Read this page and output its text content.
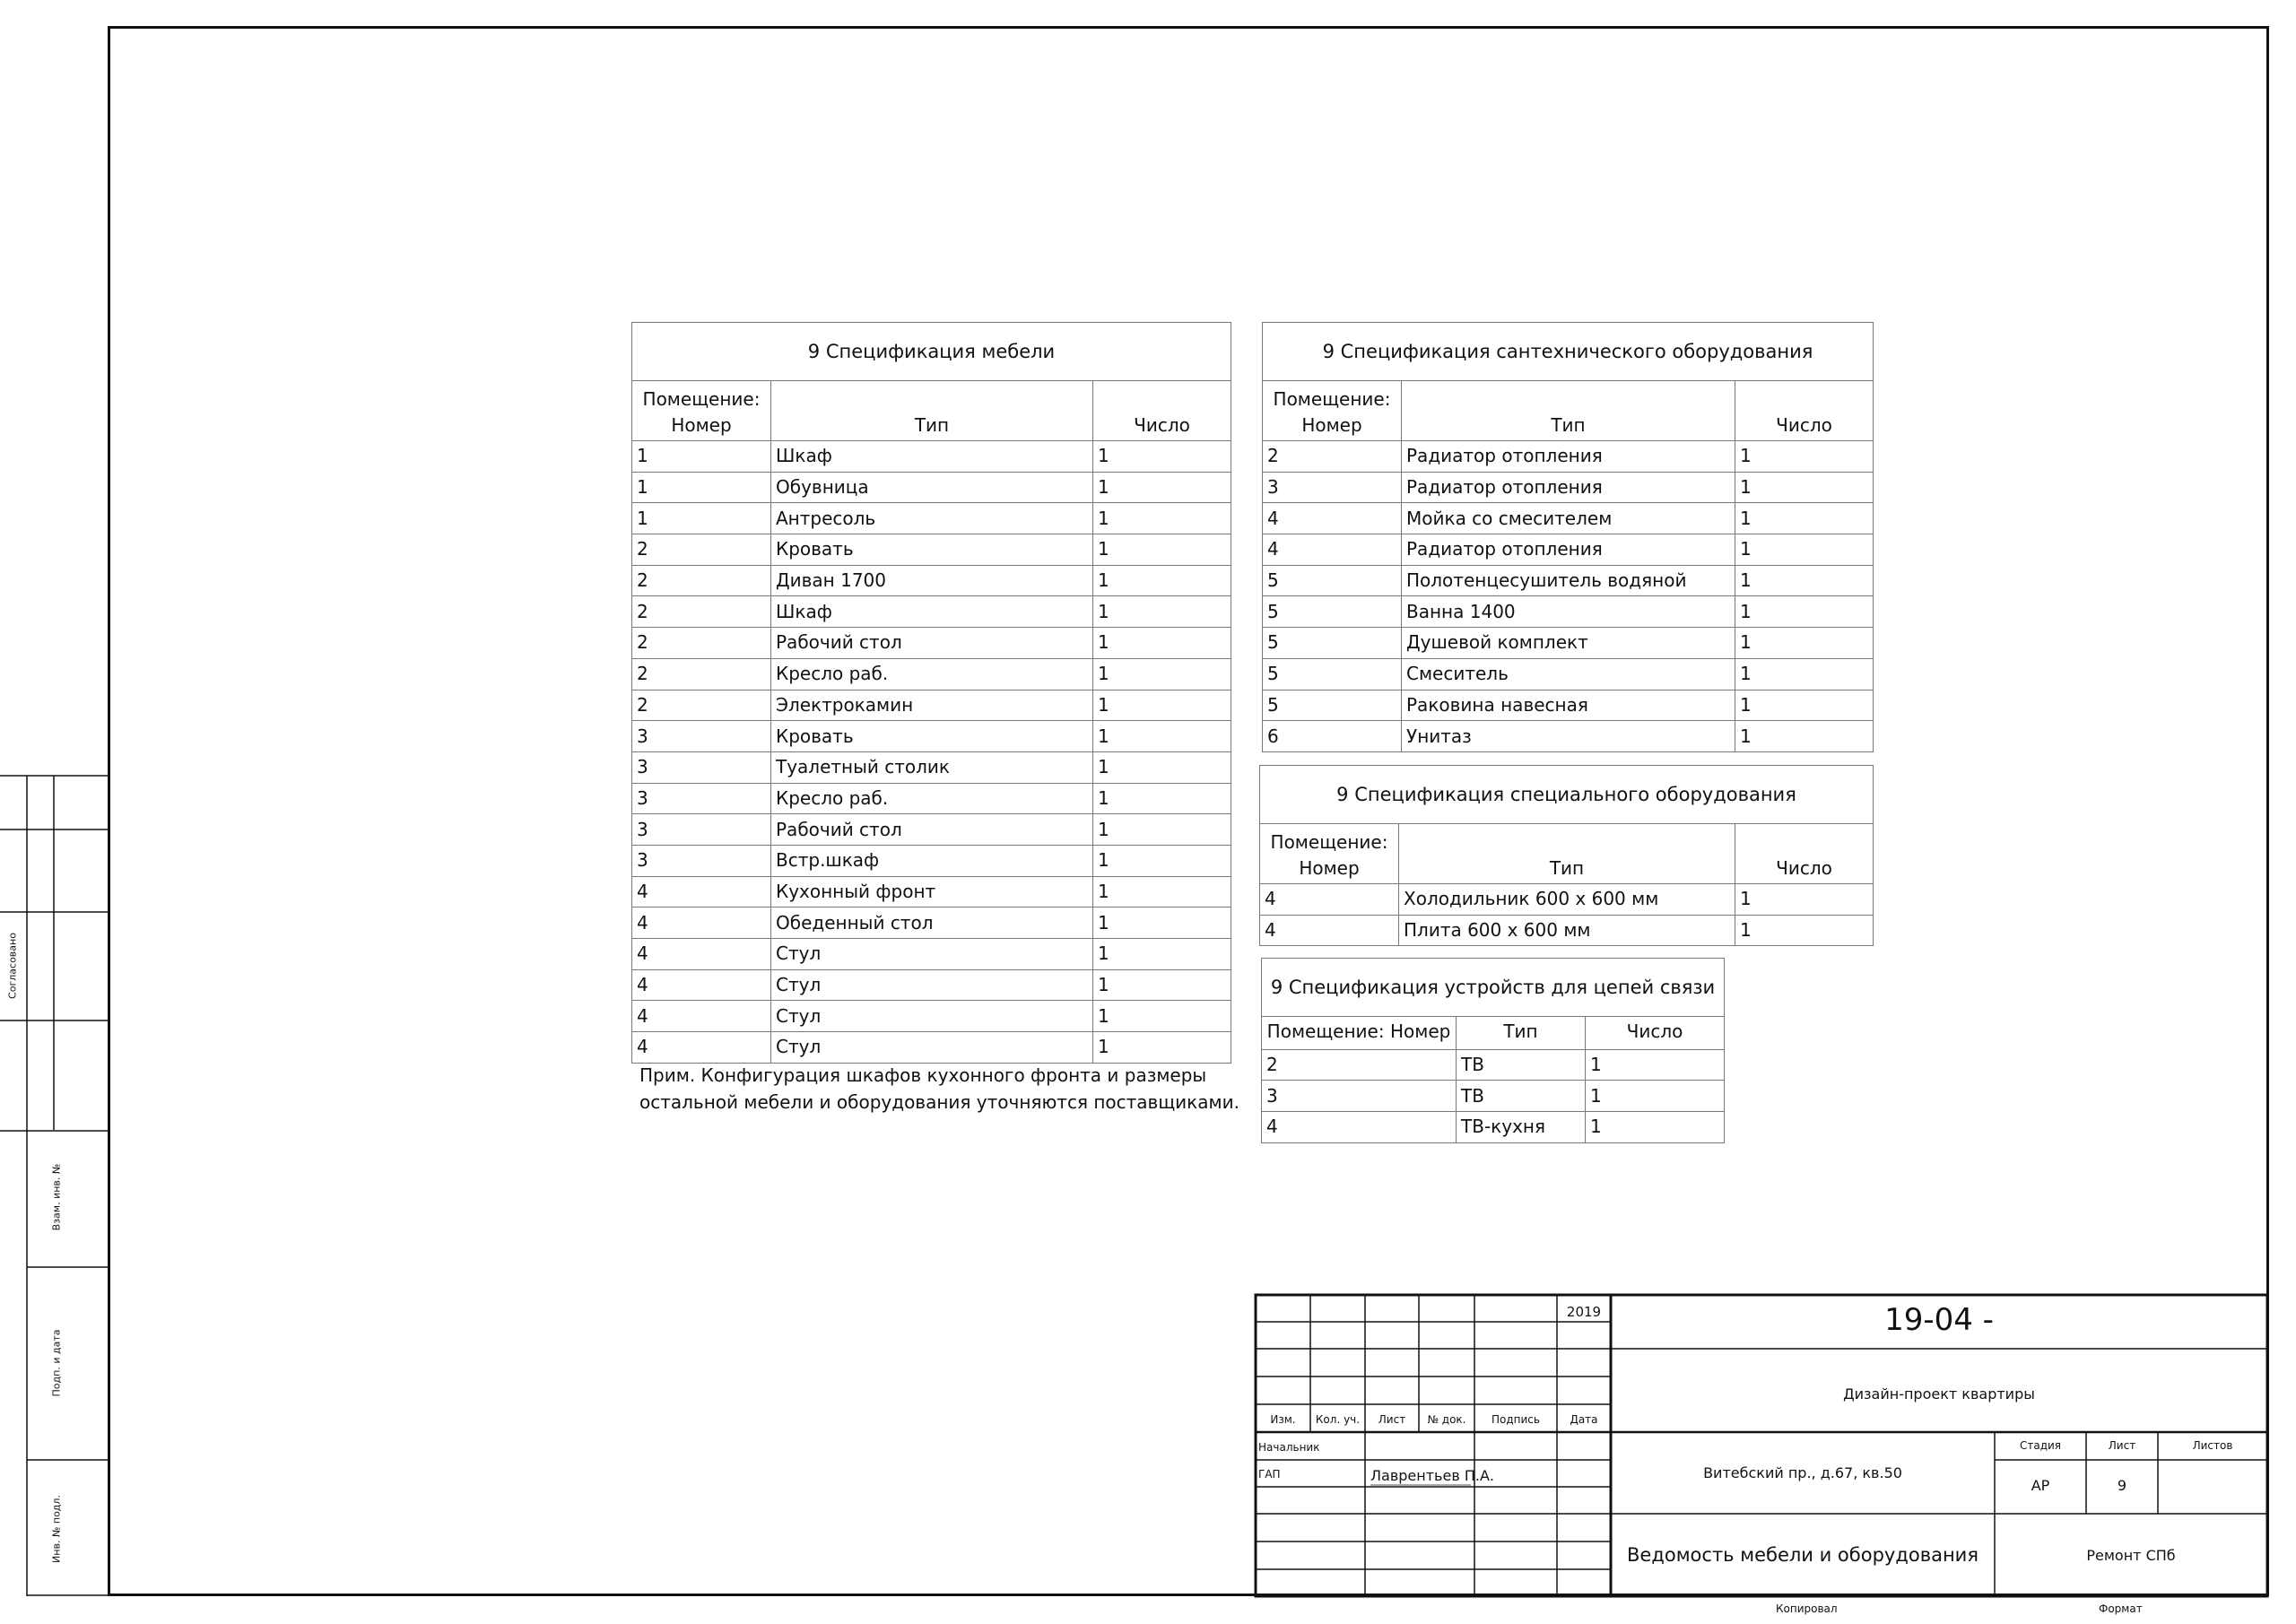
Согласовано
Взам. инв. №
Подп. и дата
Инв. № подл.
9 Спецификация мебели		
Помещение:
Номер	Тип	Число
1	Шкаф	1
1	Обувница	1
1	Антресоль	1
2	Кровать	1
2	Диван 1700	1
2	Шкаф	1
2	Рабочий стол	1
2	Кресло раб.	1
2	Электрокамин	1
3	Кровать	1
3	Туалетный столик	1
3	Кресло раб.	1
3	Рабочий стол	1
3	Встр.шкаф	1
4	Кухонный фронт	1
4	Обеденный стол	1
4	Стул	1
4	Стул	1
4	Стул	1
4	Стул	1
Прим. Конфигурация шкафов кухонного фронта и размеры
остальной мебели и оборудования уточняются поставщиками.
9 Спецификация сантехнического оборудования		
Помещение:
Номер	Тип	Число
2	Радиатор отопления	1
3	Радиатор отопления	1
4	Мойка со смесителем	1
4	Радиатор отопления	1
5	Полотенцесушитель водяной	1
5	Ванна 1400	1
5	Душевой комплект	1
5	Смеситель	1
5	Раковина навесная	1
6	Унитаз	1
9 Спецификация специального оборудования		
Помещение:
Номер	Тип	Число
4	Холодильник 600 х 600 мм	1
4	Плита 600 х 600 мм	1
9 Спецификация устройств для цепей связи		
Помещение: Номер	Тип	Число
2	ТВ	1
3	ТВ	1
4	ТВ-кухня	1
2019	19-04 -
Дизайн-проект квартиры
Витебский пр., д.67, кв.50
Ведомость мебели и оборудования	Ремонт СПб
Изм.	Кол. уч.	Лист	№ док.	Подпись	Дата
Начальник
ГАП	Лаврентьев П.А.
Стадия	Лист	Листов
АР	9
Копировал	Формат
